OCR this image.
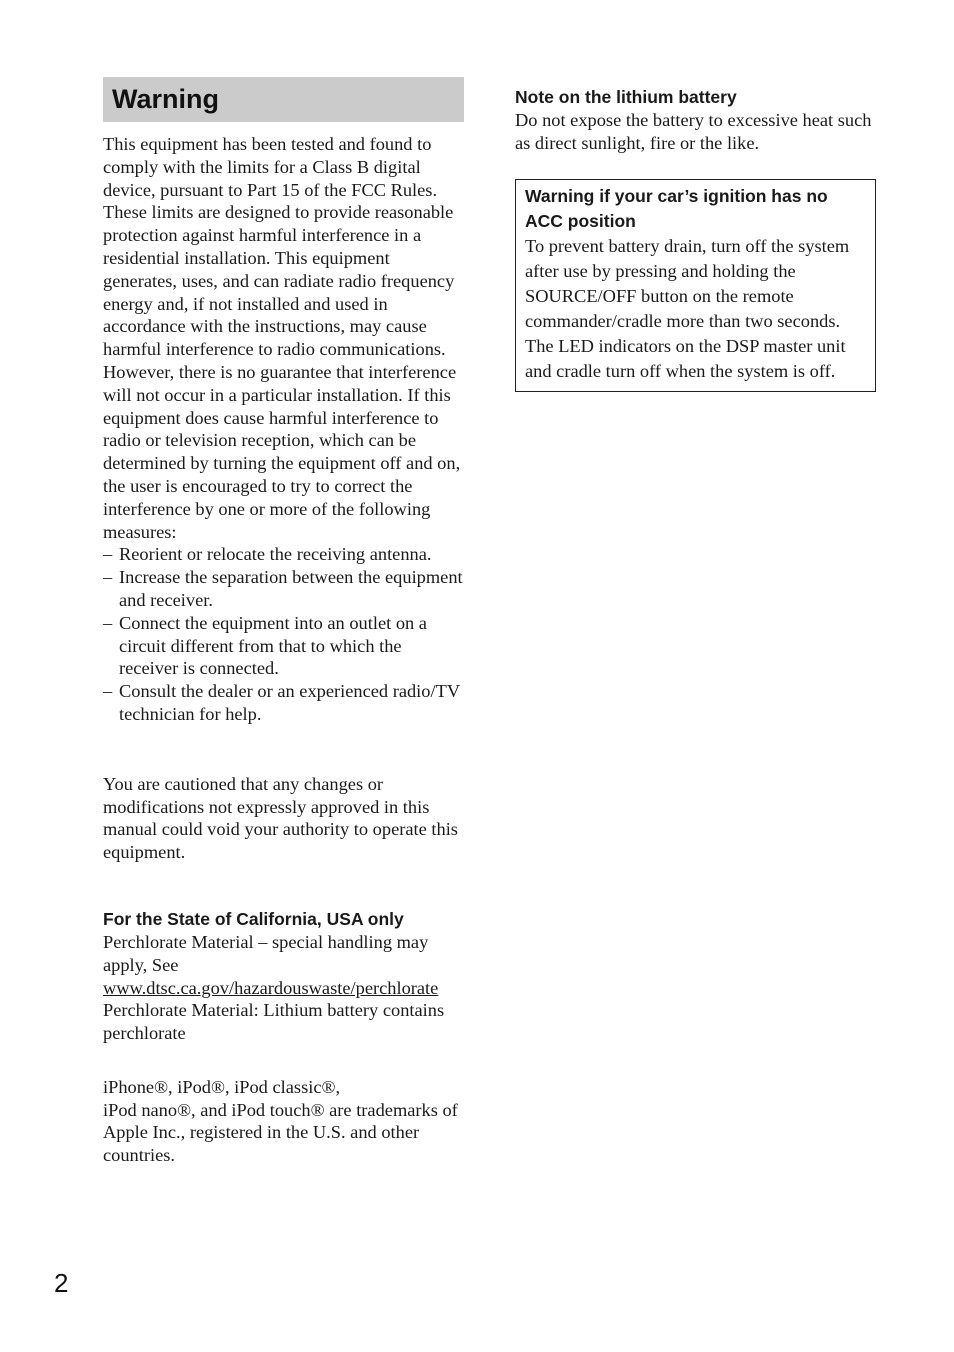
Warning

This equipment has been tested and found to comply with the limits for a Class B digital device, pursuant to Part 15 of the FCC Rules.

These limits are designed to provide reasonable protection against harmful interference in a residential installation. This equipment generates, uses, and can radiate radio frequency energy and, if not installed and used in accordance with the instructions, may cause harmful interference to radio communications. However, there is no guarantee that interference will not occur in a particular installation. If this equipment does cause harmful interference to radio or television reception, which can be determined by turning the equipment off and on, the user is encouraged to try to correct the interference by one or more of the following measures:

– Reorient or relocate the receiving antenna.
– Increase the separation between the equipment and receiver.
– Connect the equipment into an outlet on a circuit different from that to which the receiver is connected.
– Consult the dealer or an experienced radio/TV technician for help.

You are cautioned that any changes or modifications not expressly approved in this manual could void your authority to operate this equipment.

For the State of California, USA only

Perchlorate Material – special handling may apply, See

www.dtsc.ca.gov/hazardouswaste/perchlorate

Perchlorate Material: Lithium battery contains perchlorate

iPhone®, iPod®, iPod classic®,

iPod nano®, and iPod touch® are trademarks of Apple Inc., registered in the U.S. and other countries.

Note on the lithium battery

Do not expose the battery to excessive heat such as direct sunlight, fire or the like.

Warning if your car’s ignition has no ACC position

To prevent battery drain, turn off the system after use by pressing and holding the SOURCE/OFF button on the remote commander/cradle more than two seconds. The LED indicators on the DSP master unit and cradle turn off when the system is off.

2
